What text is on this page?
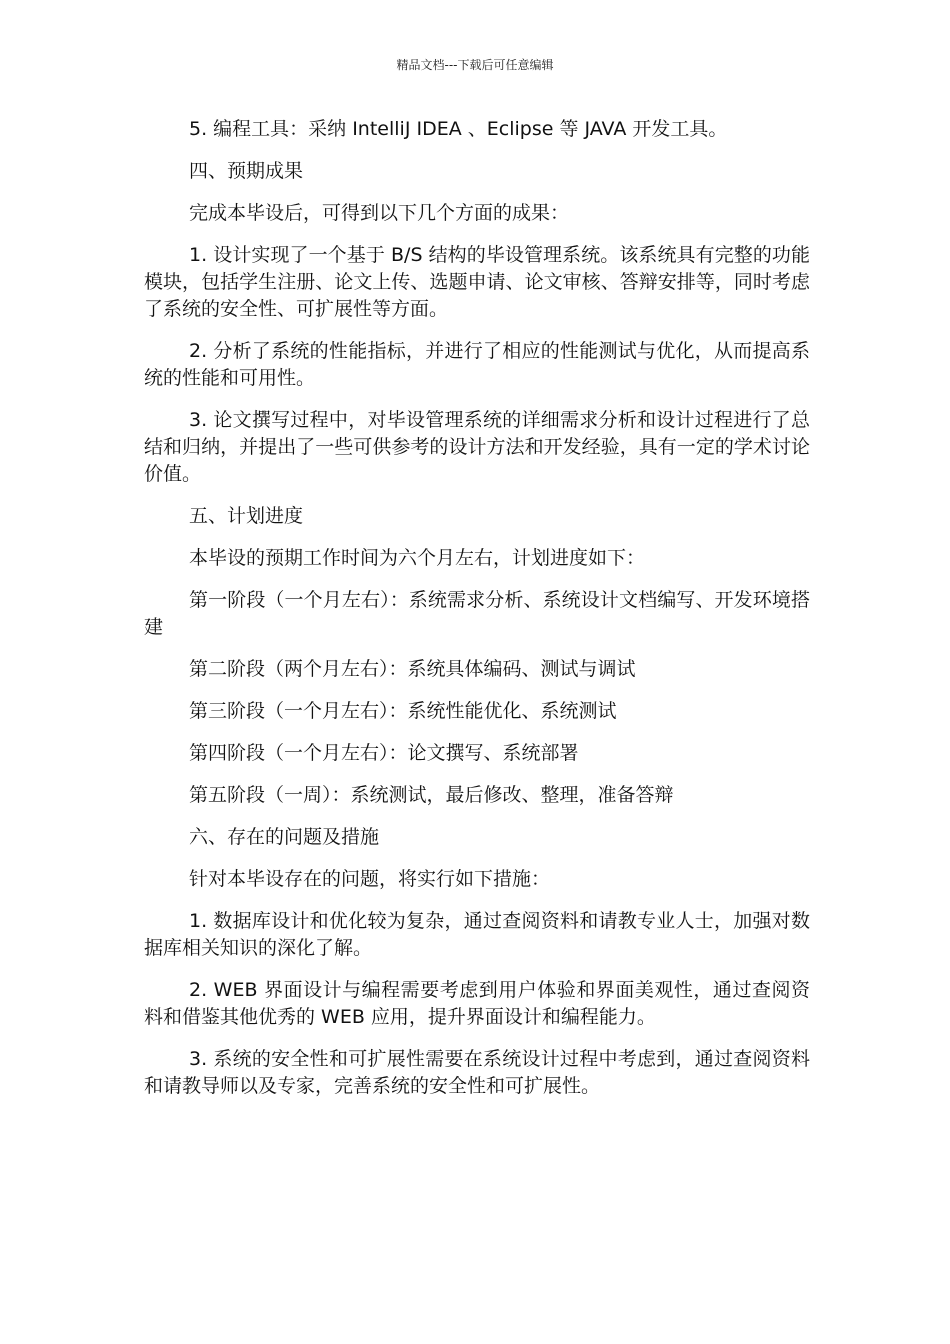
精品文档---下载后可任意编辑

5. 编程工具：采纳 IntelliJ IDEA 、Eclipse 等 JAVA 开发工具。

四、预期成果

完成本毕设后，可得到以下几个方面的成果：

1. 设计实现了一个基于 B/S 结构的毕设管理系统。该系统具有完整的功能模块，包括学生注册、论文上传、选题申请、论文审核、答辩安排等，同时考虑了系统的安全性、可扩展性等方面。

2. 分析了系统的性能指标，并进行了相应的性能测试与优化，从而提高系统的性能和可用性。

3. 论文撰写过程中，对毕设管理系统的详细需求分析和设计过程进行了总结和归纳，并提出了一些可供参考的设计方法和开发经验，具有一定的学术讨论价值。

五、计划进度

本毕设的预期工作时间为六个月左右，计划进度如下：

第一阶段（一个月左右）：系统需求分析、系统设计文档编写、开发环境搭建

第二阶段（两个月左右）：系统具体编码、测试与调试

第三阶段（一个月左右）：系统性能优化、系统测试

第四阶段（一个月左右）：论文撰写、系统部署

第五阶段（一周）：系统测试，最后修改、整理，准备答辩

六、存在的问题及措施

针对本毕设存在的问题，将实行如下措施：

1. 数据库设计和优化较为复杂，通过查阅资料和请教专业人士，加强对数据库相关知识的深化了解。

2. WEB 界面设计与编程需要考虑到用户体验和界面美观性，通过查阅资料和借鉴其他优秀的 WEB 应用，提升界面设计和编程能力。

3. 系统的安全性和可扩展性需要在系统设计过程中考虑到，通过查阅资料和请教导师以及专家，完善系统的安全性和可扩展性。
